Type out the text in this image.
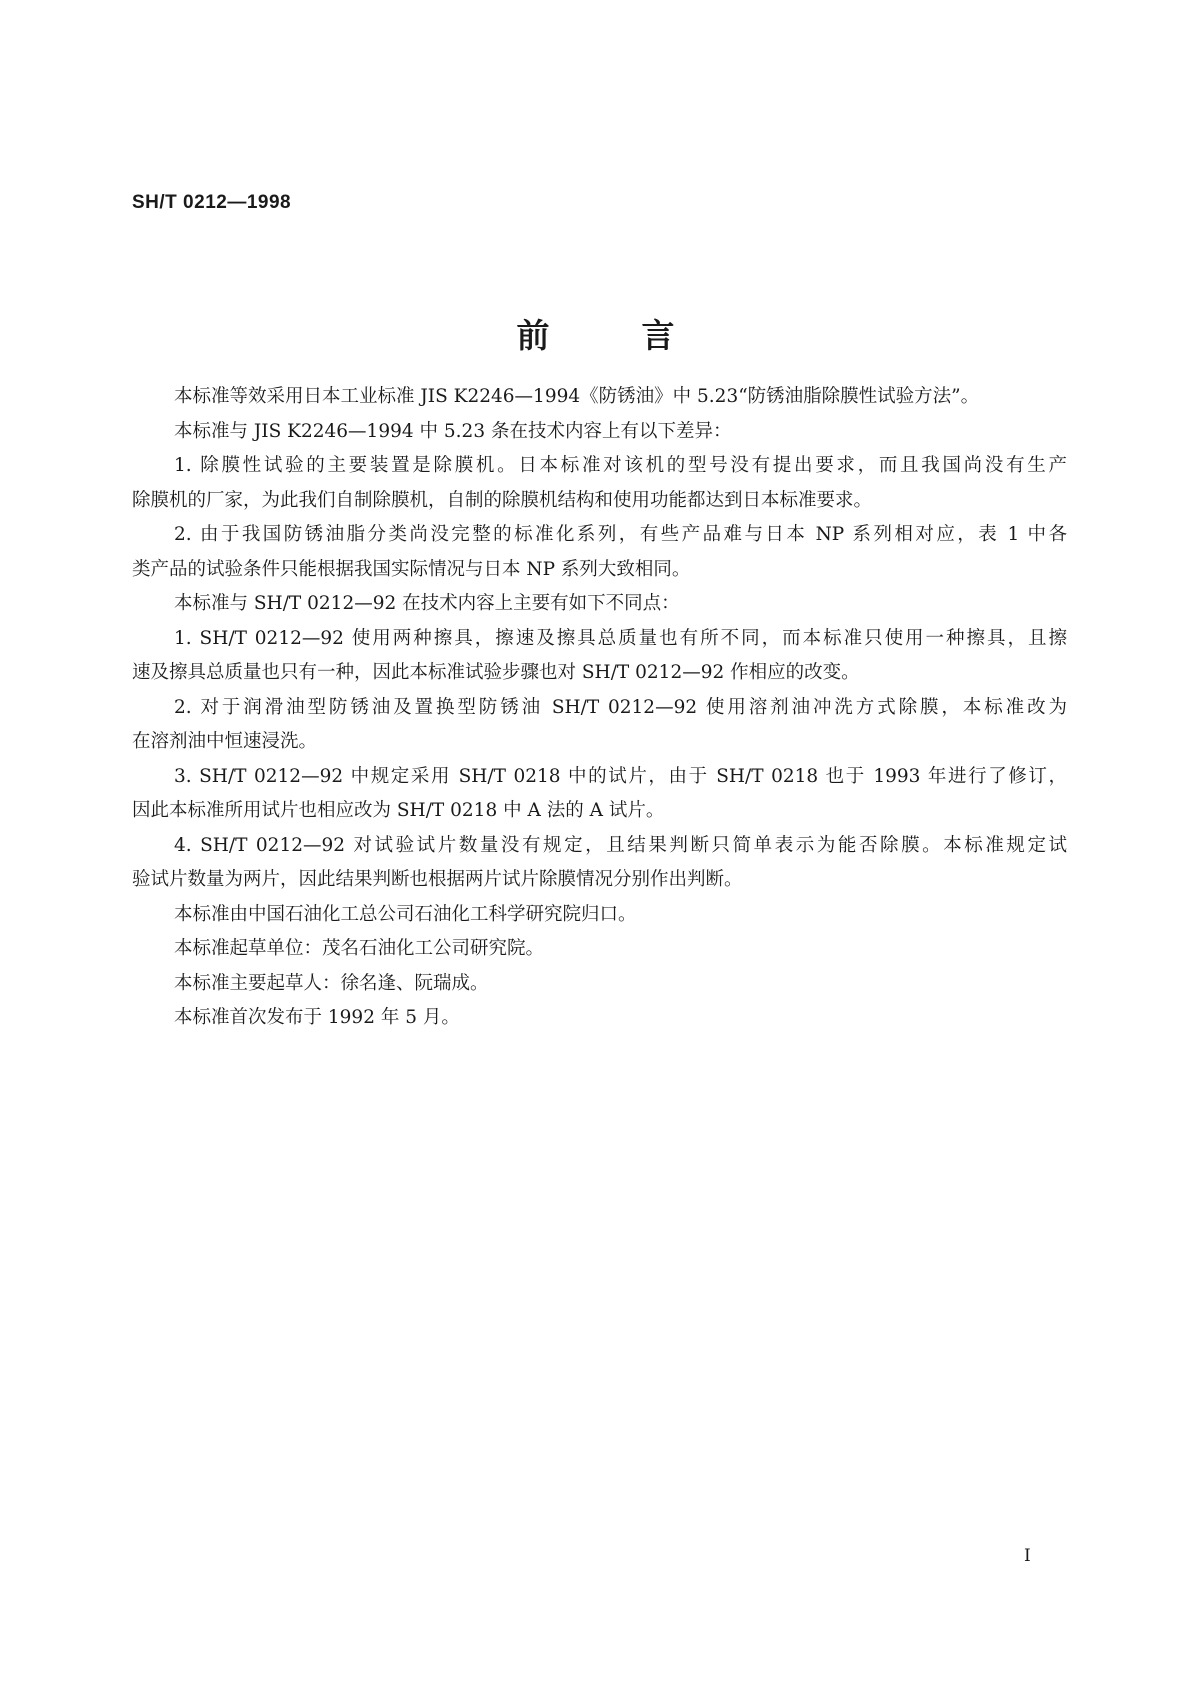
SH/T 0212—1998
前	言

本标准等效采用日本工业标准 JIS K2246—1994《防锈油》中 5.23“防锈油脂除膜性试验方法”。

本标准与 JIS K2246—1994 中 5.23 条在技术内容上有以下差异：

1. 除膜性试验的主要装置是除膜机。日本标准对该机的型号没有提出要求，而且我国尚没有生产
除膜机的厂家，为此我们自制除膜机，自制的除膜机结构和使用功能都达到日本标准要求。

2. 由于我国防锈油脂分类尚没完整的标准化系列，有些产品难与日本 NP 系列相对应，表 1 中各
类产品的试验条件只能根据我国实际情况与日本 NP 系列大致相同。

本标准与 SH/T 0212—92 在技术内容上主要有如下不同点：

1. SH/T 0212—92 使用两种擦具，擦速及擦具总质量也有所不同，而本标准只使用一种擦具，且擦
速及擦具总质量也只有一种，因此本标准试验步骤也对 SH/T 0212—92 作相应的改变。

2. 对于润滑油型防锈油及置换型防锈油 SH/T 0212—92 使用溶剂油冲洗方式除膜，本标准改为
在溶剂油中恒速浸洗。

3. SH/T 0212—92 中规定采用 SH/T 0218 中的试片，由于 SH/T 0218 也于 1993 年进行了修订，
因此本标准所用试片也相应改为 SH/T 0218 中 A 法的 A 试片。

4. SH/T 0212—92 对试验试片数量没有规定，且结果判断只简单表示为能否除膜。本标准规定试
验试片数量为两片，因此结果判断也根据两片试片除膜情况分别作出判断。

本标准由中国石油化工总公司石油化工科学研究院归口。

本标准起草单位：茂名石油化工公司研究院。

本标准主要起草人：徐名逢、阮瑞成。

本标准首次发布于 1992 年 5 月。

I
